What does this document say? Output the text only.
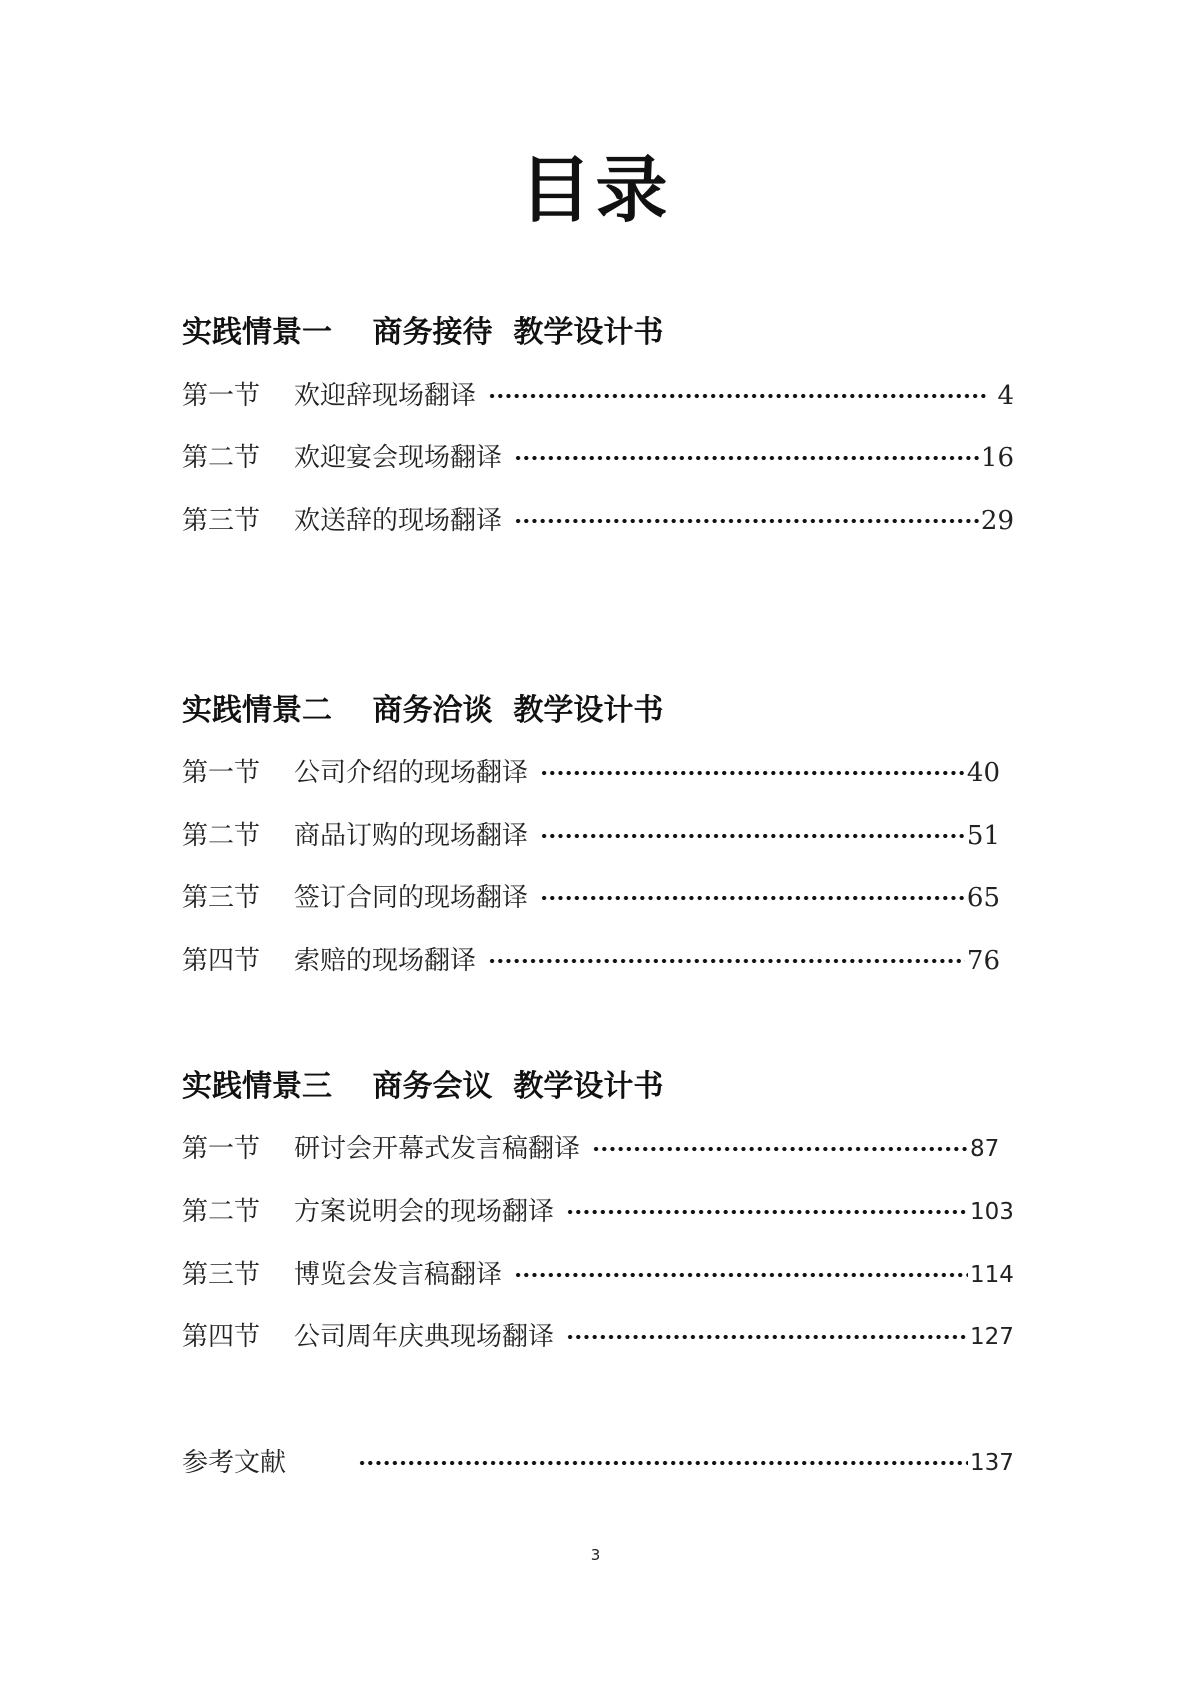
目录
实践情景一　 商务接待  教学设计书
第一节 欢迎辞现场翻译	4
第二节 欢迎宴会现场翻译	16
第三节 欢送辞的现场翻译	29
实践情景二　 商务洽谈  教学设计书
第一节 公司介绍的现场翻译	40
第二节 商品订购的现场翻译	51
第三节 签订合同的现场翻译	65
第四节 索赔的现场翻译	76
实践情景三　 商务会议  教学设计书
第一节 研讨会开幕式发言稿翻译	87
第二节 方案说明会的现场翻译	103
第三节 博览会发言稿翻译	114
第四节 公司周年庆典现场翻译	127
参考文献	137
3
